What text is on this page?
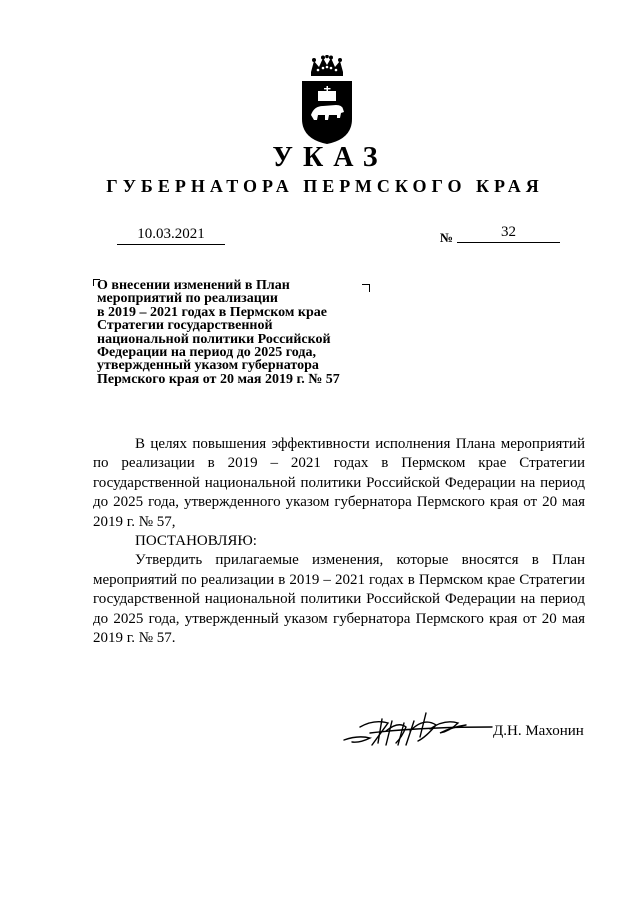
УКАЗ
ГУБЕРНАТОРА ПЕРМСКОГО КРАЯ
10.03.2021	№	32
О внесении изменений в План
мероприятий по реализации
в 2019 – 2021 годах в Пермском крае
Стратегии государственной
национальной политики Российской
Федерации на период до 2025 года,
утвержденный указом губернатора
Пермского края от 20 мая 2019 г. № 57

В целях повышения эффективности исполнения Плана мероприятий по реализации в 2019 – 2021 годах в Пермском крае Стратегии государственной национальной политики Российской Федерации на период до 2025 года, утвержденного указом губернатора Пермского края от 20 мая 2019 г. № 57,

ПОСТАНОВЛЯЮ:

Утвердить прилагаемые изменения, которые вносятся в План мероприятий по реализации в 2019 – 2021 годах в Пермском крае Стратегии государственной национальной политики Российской Федерации на период до 2025 года, утвержденный указом губернатора Пермского края от 20 мая 2019 г. № 57.

Д.Н. Махонин
